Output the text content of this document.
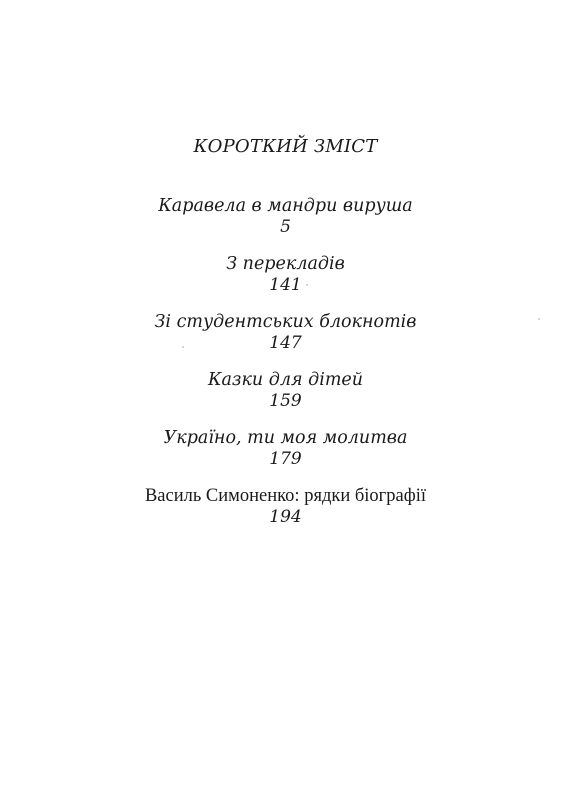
КОРОТКИЙ ЗМІСТ
Каравела в мандри вируша
5
З перекладів
141
Зі студентських блокнотів
147
Казки для дітей
159
Україно, ти моя молитва
179
Василь Симоненко: рядки біографії
194
